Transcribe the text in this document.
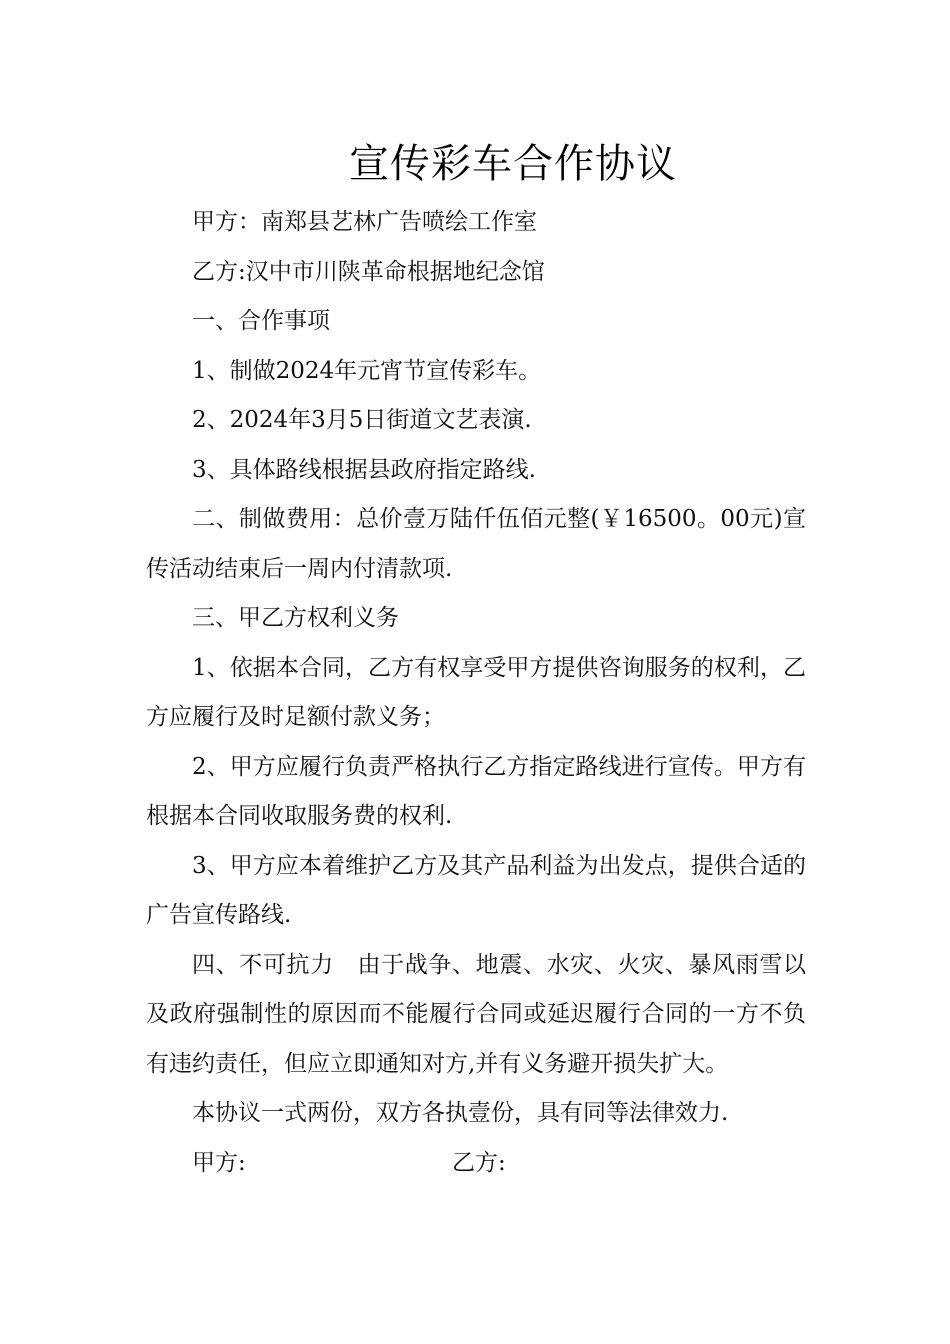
宣传彩车合作协议

甲方：南郑县艺林广告喷绘工作室

乙方:汉中市川陕革命根据地纪念馆

一、合作事项

1、制做2024年元宵节宣传彩车。

2、2024年3月5日街道文艺表演.

3、具体路线根据县政府指定路线.

二、制做费用：总价壹万陆仟伍佰元整(￥16500。00元)宣传活动结束后一周内付清款项.

三、甲乙方权利义务

1、依据本合同，乙方有权享受甲方提供咨询服务的权利，乙方应履行及时足额付款义务；

2、甲方应履行负责严格执行乙方指定路线进行宣传。甲方有根据本合同收取服务费的权利.

3、甲方应本着维护乙方及其产品利益为出发点，提供合适的广告宣传路线.

四、不可抗力　由于战争、地震、水灾、火灾、暴风雨雪以及政府强制性的原因而不能履行合同或延迟履行合同的一方不负有违约责任，但应立即通知对方,并有义务避开损失扩大。

本协议一式两份，双方各执壹份，具有同等法律效力.

甲方:	乙方:
